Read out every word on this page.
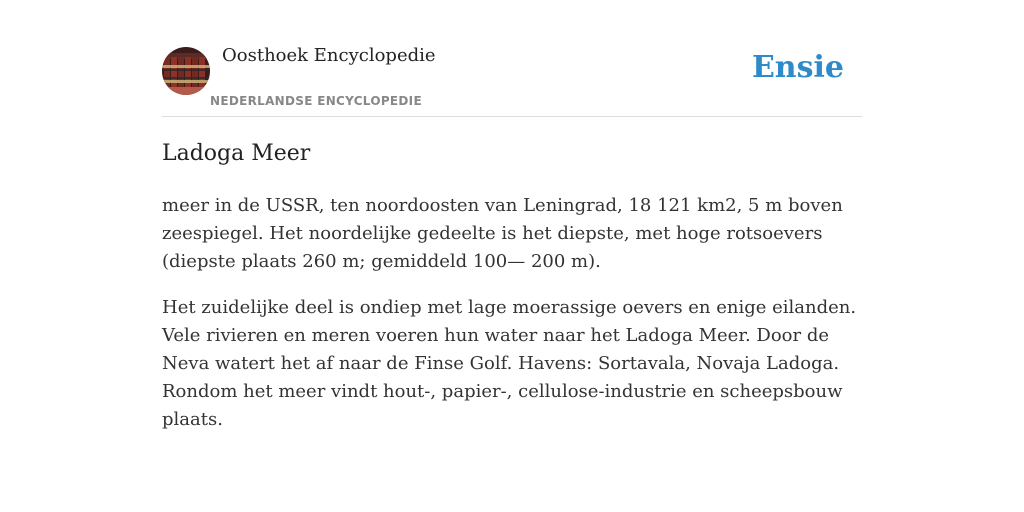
Oosthoek Encyclopedie
NEDERLANDSE ENCYCLOPEDIE
Ensie
Ladoga Meer

meer in de USSR, ten noordoosten van Leningrad, 18 121 km2, 5 m boven zeespiegel. Het noordelijke gedeelte is het diepste, met hoge rotsoevers (diepste plaats 260 m; gemiddeld 100— 200 m).

Het zuidelijke deel is ondiep met lage moerassige oevers en enige eilanden. Vele rivieren en meren voeren hun water naar het Ladoga Meer. Door de Neva watert het af naar de Finse Golf. Havens: Sortavala, Novaja Ladoga. Rondom het meer vindt hout-, papier-, cellulose-industrie en scheepsbouw plaats.
